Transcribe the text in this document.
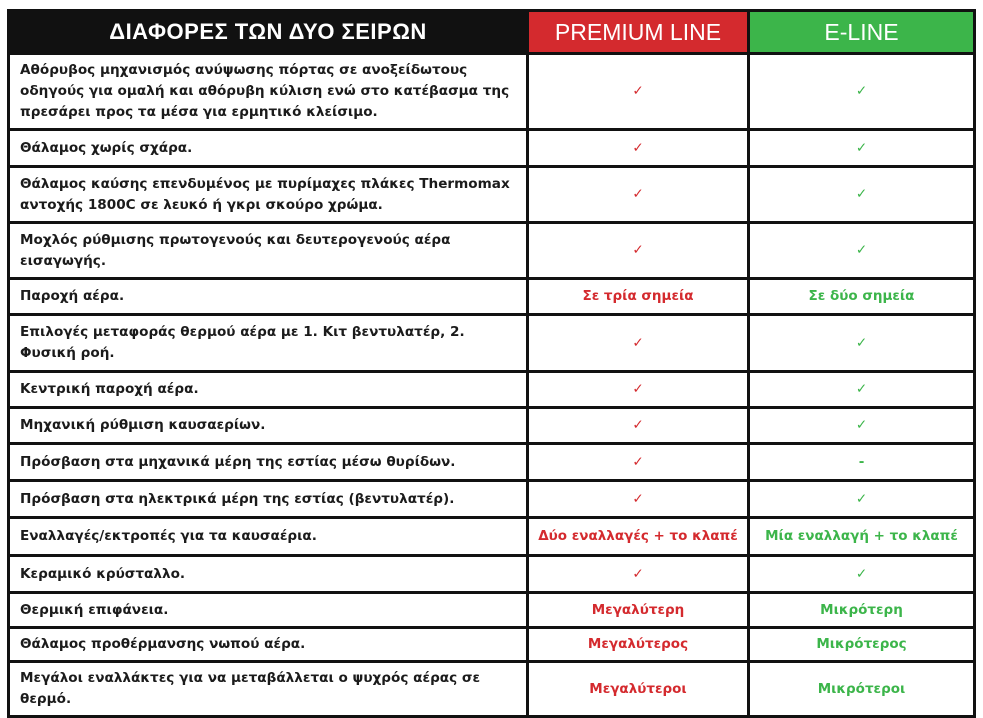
ΔΙΑΦΟΡΕΣ ΤΩΝ ΔΥΟ ΣΕΙΡΩΝ	PREMIUM LINE	E-LINE
Αθόρυβος μηχανισμός ανύψωσης πόρτας σε ανοξείδωτους οδηγούς για ομαλή και αθόρυβη κύλιση ενώ στο κατέβασμα της πρεσάρει προς τα μέσα για ερμητικό κλείσιμο.	✓	✓
Θάλαμος χωρίς σχάρα.	✓	✓
Θάλαμος καύσης επενδυμένος με πυρίμαχες πλάκες Thermomax αντοχής 1800C σε λευκό ή γκρι σκούρο χρώμα.	✓	✓
Μοχλός ρύθμισης πρωτογενούς και δευτερογενούς αέρα εισαγωγής.	✓	✓
Παροχή αέρα.	Σε τρία σημεία	Σε δύο σημεία
Επιλογές μεταφοράς θερμού αέρα με 1. Κιτ βεντυλατέρ, 2. Φυσική ροή.	✓	✓
Κεντρική παροχή αέρα.	✓	✓
Μηχανική ρύθμιση καυσαερίων.	✓	✓
Πρόσβαση στα μηχανικά μέρη της εστίας μέσω θυρίδων.	✓	-
Πρόσβαση στα ηλεκτρικά μέρη της εστίας (βεντυλατέρ).	✓	✓
Εναλλαγές/εκτροπές για τα καυσαέρια.	Δύο εναλλαγές + το κλαπέ	Μία εναλλαγή + το κλαπέ
Κεραμικό κρύσταλλο.	✓	✓
Θερμική επιφάνεια.	Μεγαλύτερη	Μικρότερη
Θάλαμος προθέρμανσης νωπού αέρα.	Μεγαλύτερος	Μικρότερος
Μεγάλοι εναλλάκτες για να μεταβάλλεται ο ψυχρός αέρας σε θερμό.	Μεγαλύτεροι	Μικρότεροι
